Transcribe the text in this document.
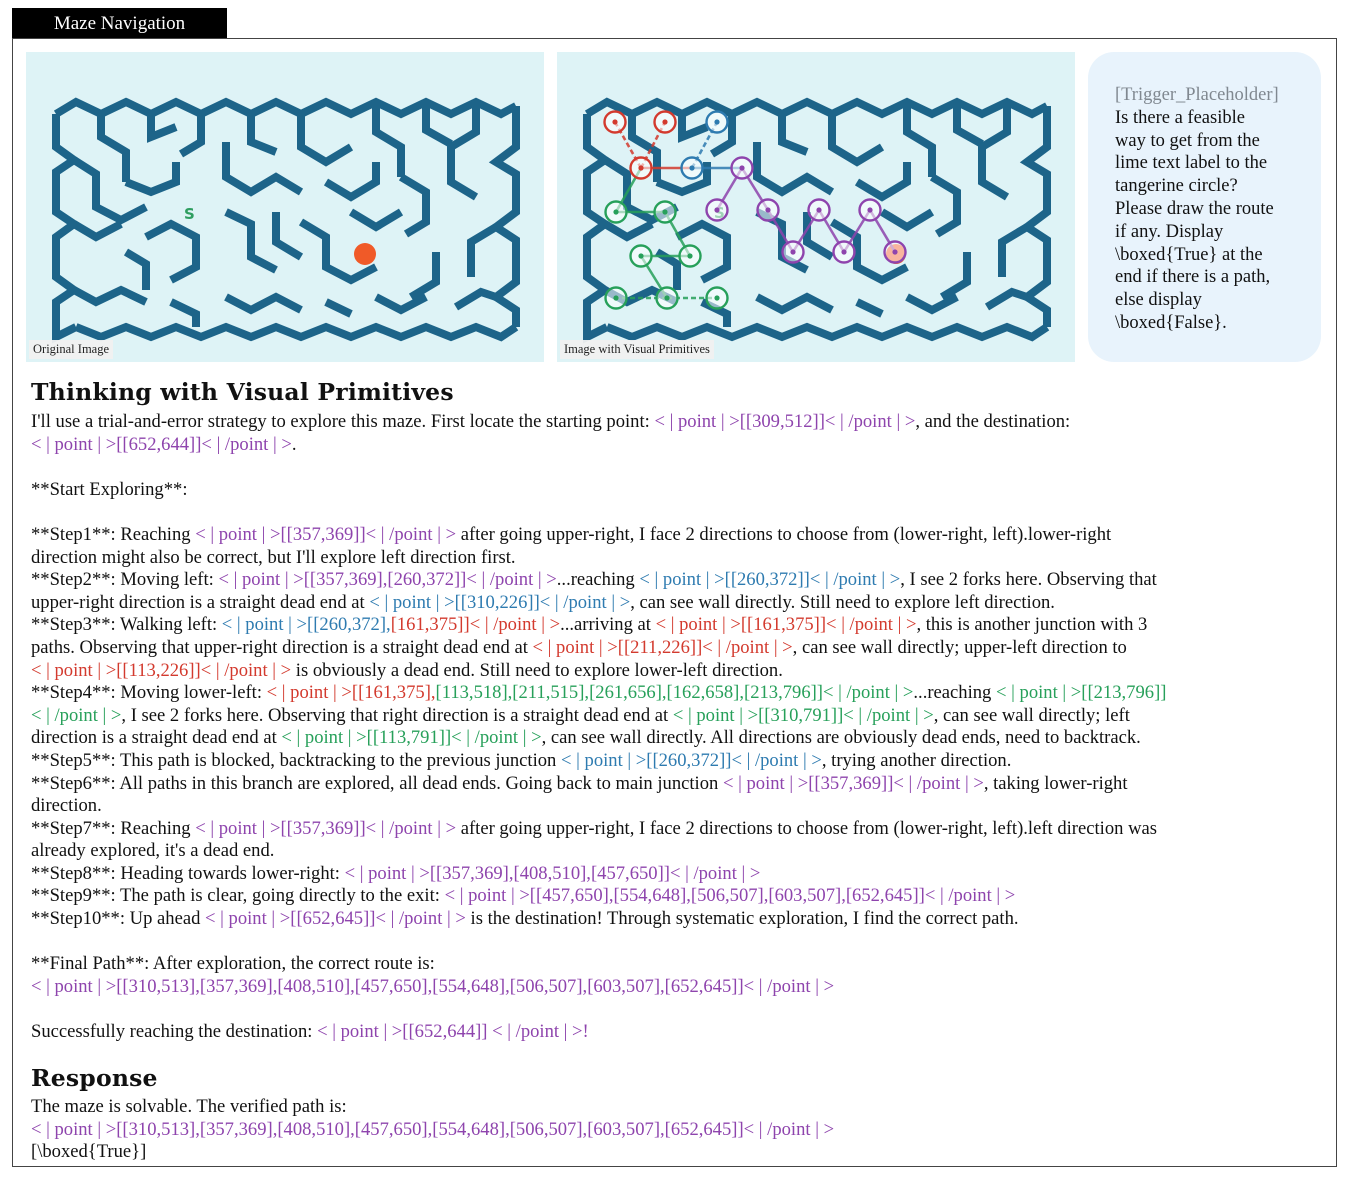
Maze Navigation
S
Original Image	Image with Visual Primitives
[Trigger_Placeholder]
Is there a feasible
way to get from the
lime text label to the
tangerine circle?
Please draw the route
if any. Display
\boxed{True} at the
end if there is a path,
else display
\boxed{False}.
Thinking with Visual Primitives
I'll use a trial-and-error strategy to explore this maze. First locate the starting point: < | point | >[[309,512]]< | /point | >, and the destination:
< | point | >[[652,644]]< | /point | >.
**Start Exploring**:
**Step1**: Reaching < | point | >[[357,369]]< | /point | > after going upper-right, I face 2 directions to choose from (lower-right, left).lower-right
direction might also be correct, but I'll explore left direction first.
**Step2**: Moving left: < | point | >[[357,369],[260,372]]< | /point | >...reaching < | point | >[[260,372]]< | /point | >, I see 2 forks here. Observing that
upper-right direction is a straight dead end at < | point | >[[310,226]]< | /point | >, can see wall directly. Still need to explore left direction.
**Step3**: Walking left: < | point | >[[260,372],[161,375]]< | /point | >...arriving at < | point | >[[161,375]]< | /point | >, this is another junction with 3
paths. Observing that upper-right direction is a straight dead end at < | point | >[[211,226]]< | /point | >, can see wall directly; upper-left direction to
< | point | >[[113,226]]< | /point | > is obviously a dead end. Still need to explore lower-left direction.
**Step4**: Moving lower-left: < | point | >[[161,375],[113,518],[211,515],[261,656],[162,658],[213,796]]< | /point | >...reaching < | point | >[[213,796]]
< | /point | >, I see 2 forks here. Observing that right direction is a straight dead end at < | point | >[[310,791]]< | /point | >, can see wall directly; left
direction is a straight dead end at < | point | >[[113,791]]< | /point | >, can see wall directly. All directions are obviously dead ends, need to backtrack.
**Step5**: This path is blocked, backtracking to the previous junction < | point | >[[260,372]]< | /point | >, trying another direction.
**Step6**: All paths in this branch are explored, all dead ends. Going back to main junction < | point | >[[357,369]]< | /point | >, taking lower-right
direction.
**Step7**: Reaching < | point | >[[357,369]]< | /point | > after going upper-right, I face 2 directions to choose from (lower-right, left).left direction was
already explored, it's a dead end.
**Step8**: Heading towards lower-right: < | point | >[[357,369],[408,510],[457,650]]< | /point | >
**Step9**: The path is clear, going directly to the exit: < | point | >[[457,650],[554,648],[506,507],[603,507],[652,645]]< | /point | >
**Step10**: Up ahead < | point | >[[652,645]]< | /point | > is the destination! Through systematic exploration, I find the correct path.
**Final Path**: After exploration, the correct route is:
< | point | >[[310,513],[357,369],[408,510],[457,650],[554,648],[506,507],[603,507],[652,645]]< | /point | >
Successfully reaching the destination: < | point | >[[652,644]] < | /point | >!
Response
The maze is solvable. The verified path is:
< | point | >[[310,513],[357,369],[408,510],[457,650],[554,648],[506,507],[603,507],[652,645]]< | /point | >
[\boxed{True}]
